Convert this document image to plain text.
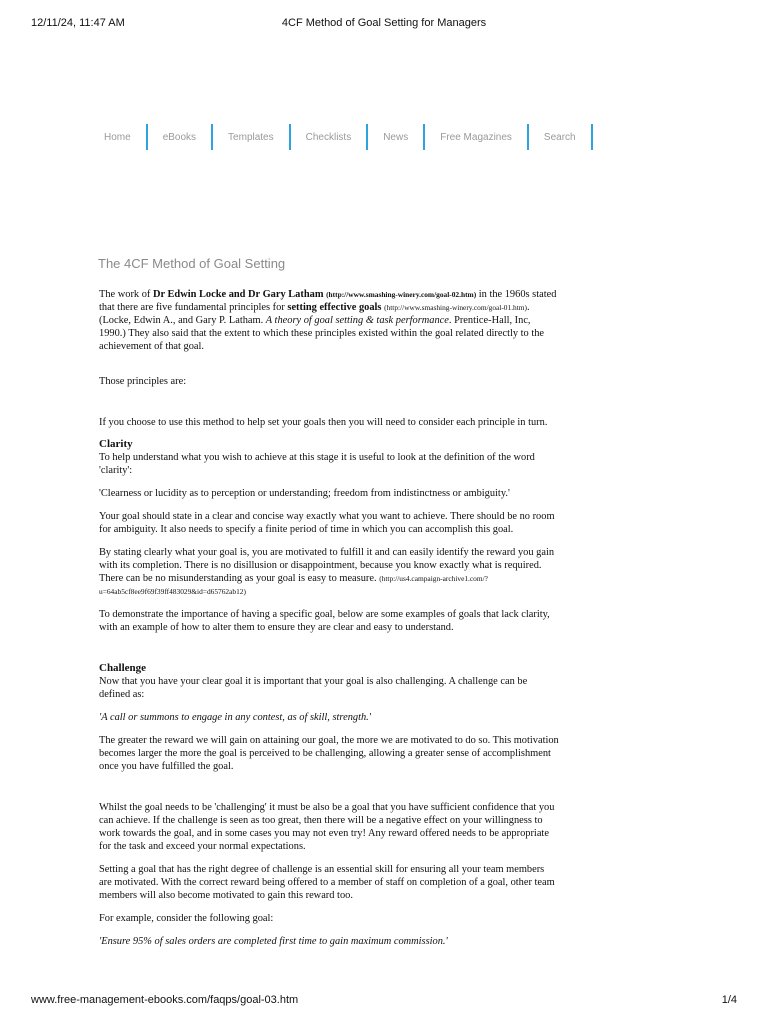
12/11/24, 11:47 AM	4CF Method of Goal Setting for Managers
Home	eBooks	Templates	Checklists	News	Free Magazines	Search
The 4CF Method of Goal Setting

The work of Dr Edwin Locke and Dr Gary Latham (http://www.smashing-winery.com/goal-02.htm) in the 1960s stated that there are five fundamental principles for setting effective goals (http://www.smashing-winery.com/goal-01.htm). (Locke, Edwin A., and Gary P. Latham. A theory of goal setting & task performance. Prentice-Hall, Inc, 1990.) They also said that the extent to which these principles existed within the goal related directly to the achievement of that goal.

Those principles are:

If you choose to use this method to help set your goals then you will need to consider each principle in turn.

Clarity

To help understand what you wish to achieve at this stage it is useful to look at the definition of the word 'clarity':

'Clearness or lucidity as to perception or understanding; freedom from indistinctness or ambiguity.'

Your goal should state in a clear and concise way exactly what you want to achieve. There should be no room for ambiguity. It also needs to specify a finite period of time in which you can accomplish this goal.

By stating clearly what your goal is, you are motivated to fulfill it and can easily identify the reward you gain with its completion. There is no disillusion or disappointment, because you know exactly what is required. There can be no misunderstanding as your goal is easy to measure. (http://us4.campaign-archive1.com/?u=64ab5cf8ee9f69f39ff483029&id=d65762ab12)

To demonstrate the importance of having a specific goal, below are some examples of goals that lack clarity, with an example of how to alter them to ensure they are clear and easy to understand.

Challenge

Now that you have your clear goal it is important that your goal is also challenging. A challenge can be defined as:

'A call or summons to engage in any contest, as of skill, strength.'

The greater the reward we will gain on attaining our goal, the more we are motivated to do so. This motivation becomes larger the more the goal is perceived to be challenging, allowing a greater sense of accomplishment once you have fulfilled the goal.

Whilst the goal needs to be 'challenging' it must be also be a goal that you have sufficient confidence that you can achieve. If the challenge is seen as too great, then there will be a negative effect on your willingness to work towards the goal, and in some cases you may not even try! Any reward offered needs to be appropriate for the task and exceed your normal expectations.

Setting a goal that has the right degree of challenge is an essential skill for ensuring all your team members are motivated. With the correct reward being offered to a member of staff on completion of a goal, other team members will also become motivated to gain this reward too.

For example, consider the following goal:

'Ensure 95% of sales orders are completed first time to gain maximum commission.'

www.free-management-ebooks.com/faqps/goal-03.htm	1/4
